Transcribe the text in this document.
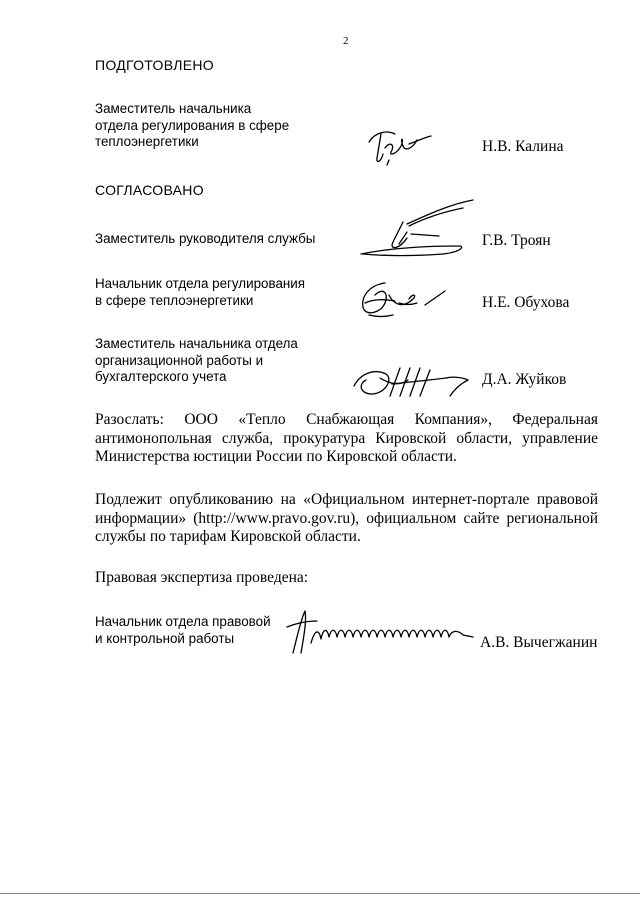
2
ПОДГОТОВЛЕНО
Заместитель начальника
отдела регулирования в сфере
теплоэнергетики	Н.В. Калина
СОГЛАСОВАНО
Заместитель руководителя службы	Г.В. Троян
Начальник отдела регулирования
в сфере теплоэнергетики	Н.Е. Обухова
Заместитель начальника отдела
организационной работы и
бухгалтерского учета	Д.А. Жуйков
Разослать: ООО «Тепло Снабжающая Компания», Федеральная антимонопольная служба, прокуратура Кировской области, управление Министерства юстиции России по Кировской области.
Подлежит опубликованию на «Официальном интернет-портале правовой информации» (http://www.pravo.gov.ru), официальном сайте региональной службы по тарифам Кировской области.
Правовая экспертиза проведена:
Начальник отдела правовой
и контрольной работы	А.В. Вычегжанин
